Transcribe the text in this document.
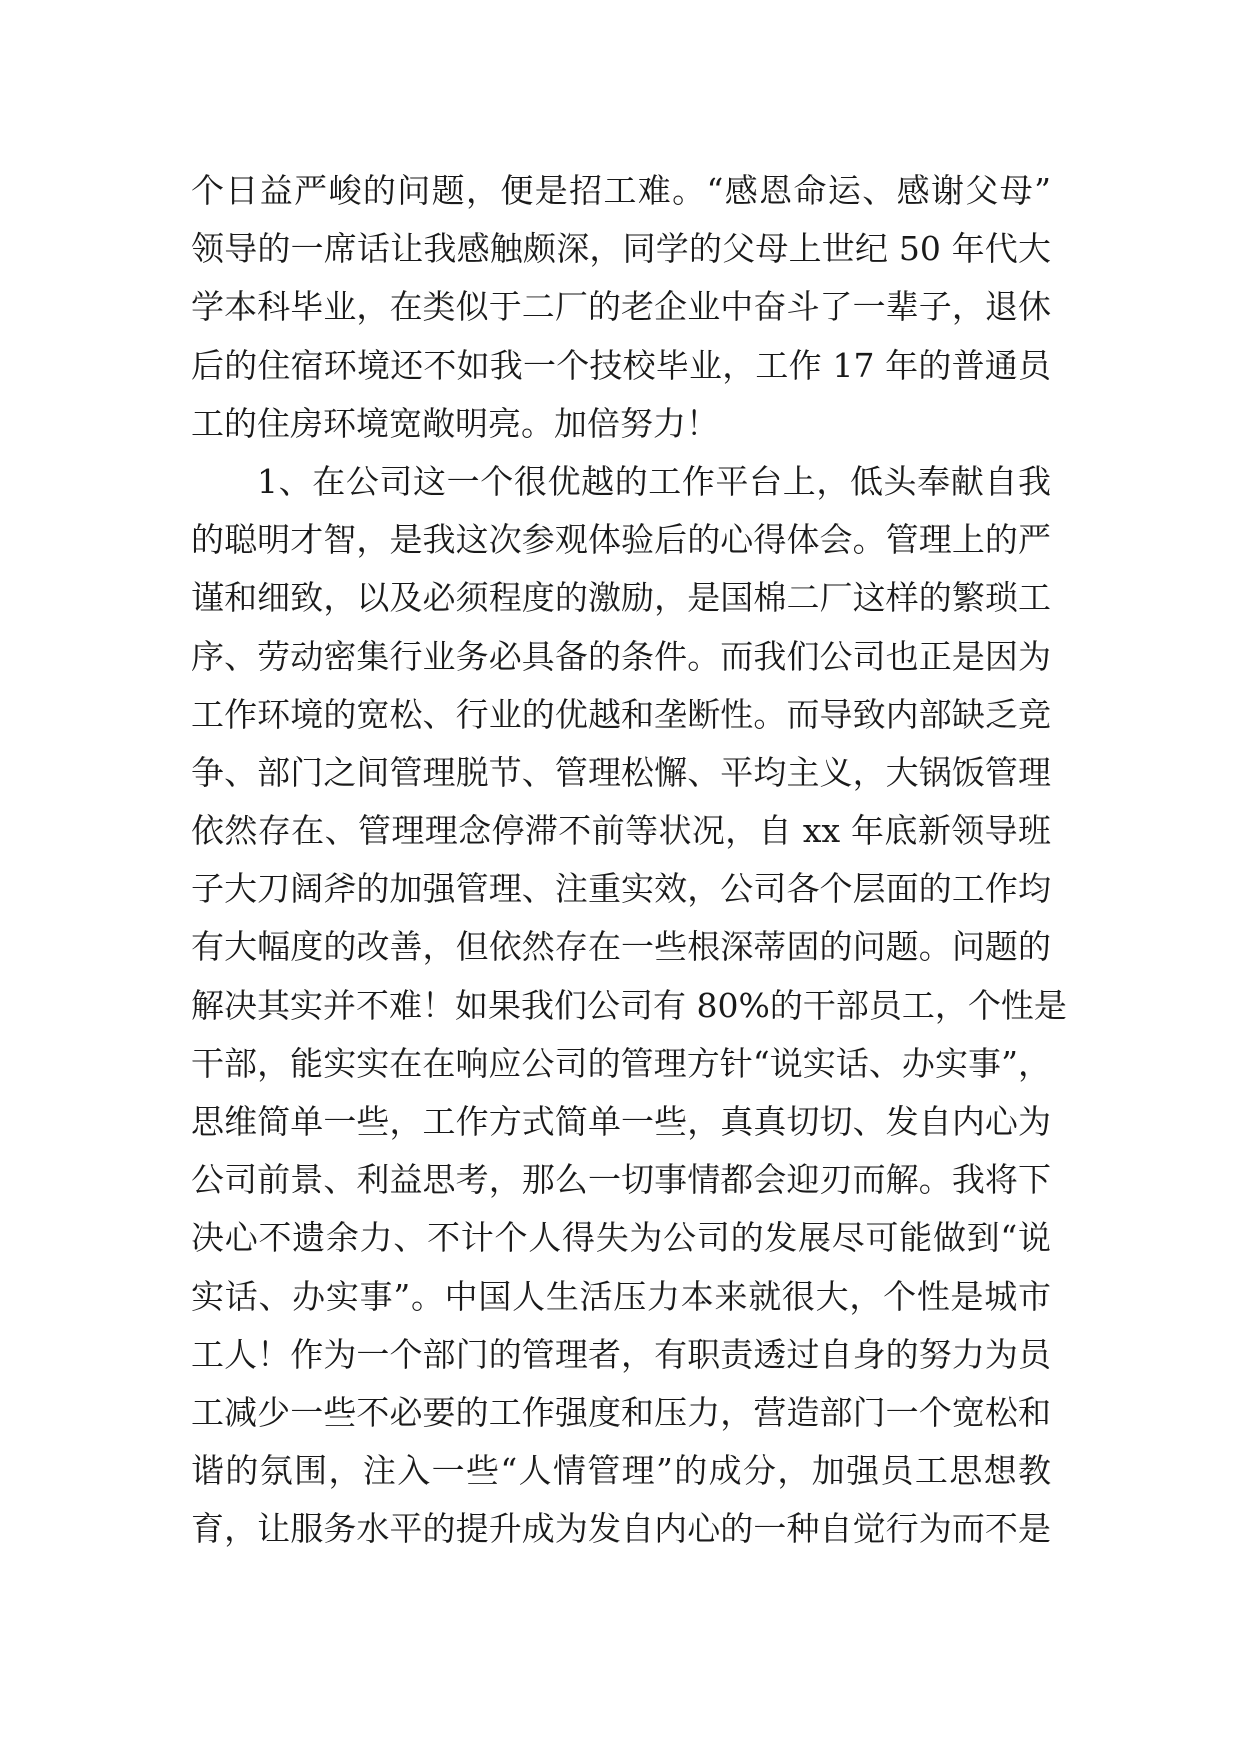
个日益严峻的问题，便是招工难。“感恩命运、感谢父母”
领导的一席话让我感触颇深，同学的父母上世纪 50 年代大
学本科毕业，在类似于二厂的老企业中奋斗了一辈子，退休
后的住宿环境还不如我一个技校毕业，工作 17 年的普通员
工的住房环境宽敞明亮。加倍努力！
1、在公司这一个很优越的工作平台上，低头奉献自我
的聪明才智，是我这次参观体验后的心得体会。管理上的严
谨和细致，以及必须程度的激励，是国棉二厂这样的繁琐工
序、劳动密集行业务必具备的条件。而我们公司也正是因为
工作环境的宽松、行业的优越和垄断性。而导致内部缺乏竞
争、部门之间管理脱节、管理松懈、平均主义，大锅饭管理
依然存在、管理理念停滞不前等状况，自 xx 年底新领导班
子大刀阔斧的加强管理、注重实效，公司各个层面的工作均
有大幅度的改善，但依然存在一些根深蒂固的问题。问题的
解决其实并不难！如果我们公司有 80%的干部员工，个性是
干部，能实实在在响应公司的管理方针“说实话、办实事”，
思维简单一些，工作方式简单一些，真真切切、发自内心为
公司前景、利益思考，那么一切事情都会迎刃而解。我将下
决心不遗余力、不计个人得失为公司的发展尽可能做到“说
实话、办实事”。中国人生活压力本来就很大，个性是城市
工人！作为一个部门的管理者，有职责透过自身的努力为员
工减少一些不必要的工作强度和压力，营造部门一个宽松和
谐的氛围，注入一些“人情管理”的成分，加强员工思想教
育，让服务水平的提升成为发自内心的一种自觉行为而不是
